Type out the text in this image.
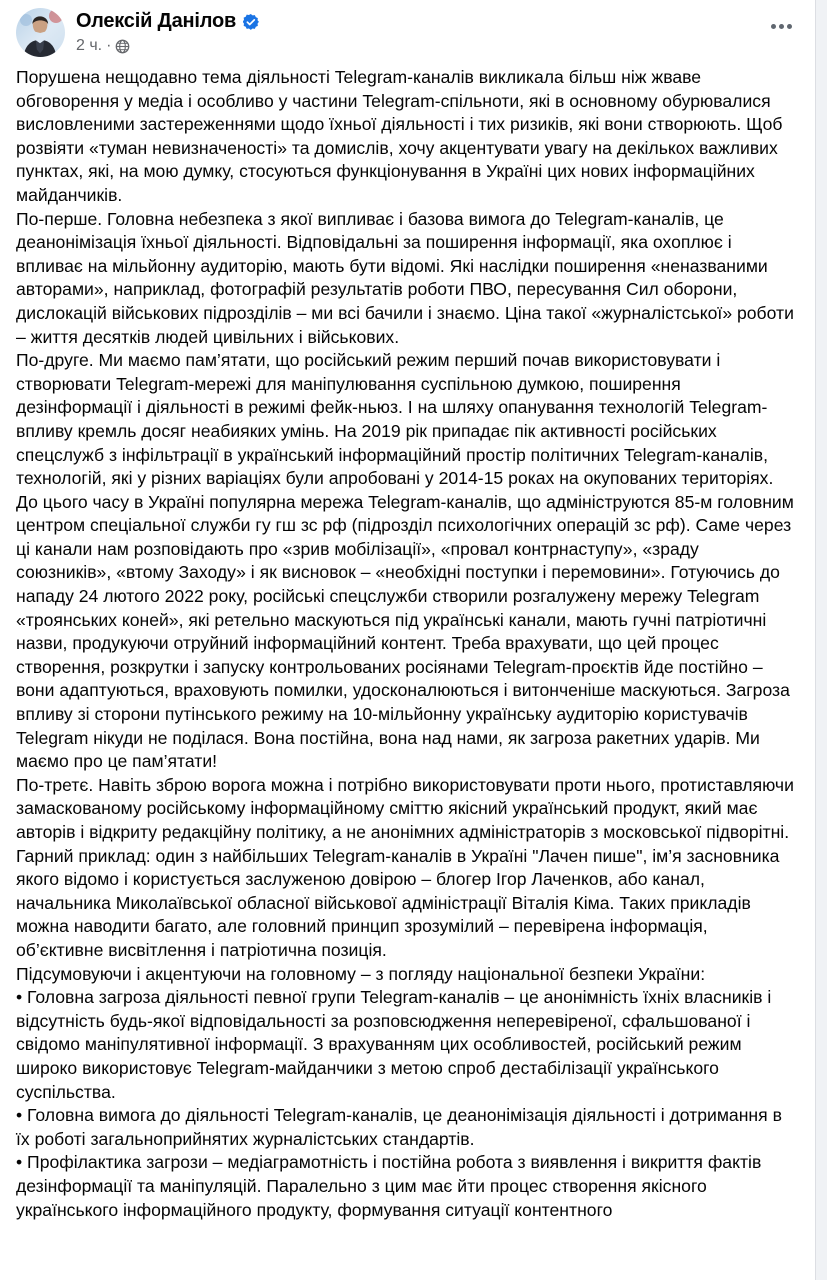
Олексій Данілов
2 ч. ·

Порушена нещодавно тема діяльності Telegram-каналів викликала більш ніж жваве обговорення у медіа і особливо у частини Telegram-спільноти, які в основному обурювалися висловленими застереженнями щодо їхньої діяльності і тих ризиків, які вони створюють. Щоб розвіяти «туман невизначеності» та домислів, хочу акцентувати увагу на декількох важливих пунктах, які, на мою думку, стосуються функціонування в Україні цих нових інформаційних майданчиків.

По-перше. Головна небезпека з якої випливає і базова вимога до Telegram-каналів, це деанонімізація їхньої діяльності. Відповідальні за поширення інформації, яка охоплює і впливає на мільйонну аудиторію, мають бути відомі. Які наслідки поширення «неназваними авторами», наприклад, фотографій результатів роботи ПВО, пересування Сил оборони, дислокацій військових підрозділів – ми всі бачили і знаємо. Ціна такої «журналістської» роботи – життя десятків людей цивільних і військових.

По-друге. Ми маємо пам’ятати, що російський режим перший почав використовувати і створювати Telegram-мережі для маніпулювання суспільною думкою, поширення дезінформації і діяльності в режимі фейк-ньюз. І на шляху опанування технологій Telegram-впливу кремль досяг неабияких умінь. На 2019 рік припадає пік активності російських спецслужб з інфільтрації в український інформаційний простір політичних Telegram-каналів, технологій, які у різних варіаціях були апробовані у 2014-15 роках на окупованих територіях. До цього часу в Україні популярна мережа Telegram-каналів, що адмініструются 85-м головним центром спеціальної служби гу гш зс рф (підрозділ психологічних операцій зс рф). Саме через ці канали нам розповідають про «зрив мобілізації», «провал контрнаступу», «зраду союзників», «втому Заходу» і як висновок – «необхідні поступки і перемовини». Готуючись до нападу 24 лютого 2022 року, російські спецслужби створили розгалужену мережу Telegram «троянських коней», які ретельно маскуються під українські канали, мають гучні патріотичні назви, продукуючи отруйний інформаційний контент. Треба врахувати, що цей процес створення, розкрутки і запуску контрольованих росіянами Telegram-проєктів йде постійно – вони адаптуються, враховують помилки, удосконалюються і витонченіше маскуються. Загроза впливу зі сторони путінського режиму на 10-мільйонну українську аудиторію користувачів Telegram нікуди не поділася. Вона постійна, вона над нами, як загроза ракетних ударів. Ми маємо про це пам’ятати!

По-третє. Навіть зброю ворога можна і потрібно використовувати проти нього, протиставляючи замаскованому російському інформаційному сміттю якісний український продукт, який має авторів і відкриту редакційну політику, а не анонімних адміністраторів з московської підворітні. Гарний приклад: один з найбільших Telegram-каналів в Україні "Лачен пише", ім’я засновника якого відомо і користується заслуженою довірою – блогер Ігор Лаченков, або канал, начальника Миколаївської обласної військової адміністрації Віталія Кіма. Таких прикладів можна наводити багато, але головний принцип зрозумілий – перевірена інформація, об’єктивне висвітлення і патріотична позиція.

Підсумовуючи і акцентуючи на головному – з погляду національної безпеки України:

• Головна загроза діяльності певної групи Telegram-каналів – це анонімність їхніх власників і відсутність будь-якої відповідальності за розповсюдження неперевіреної, сфальшованої і свідомо маніпулятивної інформації. З врахуванням цих особливостей, російський режим широко використовує Telegram-майданчики з метою спроб дестабілізації українського суспільства.

• Головна вимога до діяльності Telegram-каналів, це деанонімізація діяльності і дотримання в їх роботі загальноприйнятих журналістських стандартів.

• Профілактика загрози – медіаграмотність і постійна робота з виявлення і викриття фактів дезінформації та маніпуляцій. Паралельно з цим має йти процес створення якісного українського інформаційного продукту, формування ситуації контентного
